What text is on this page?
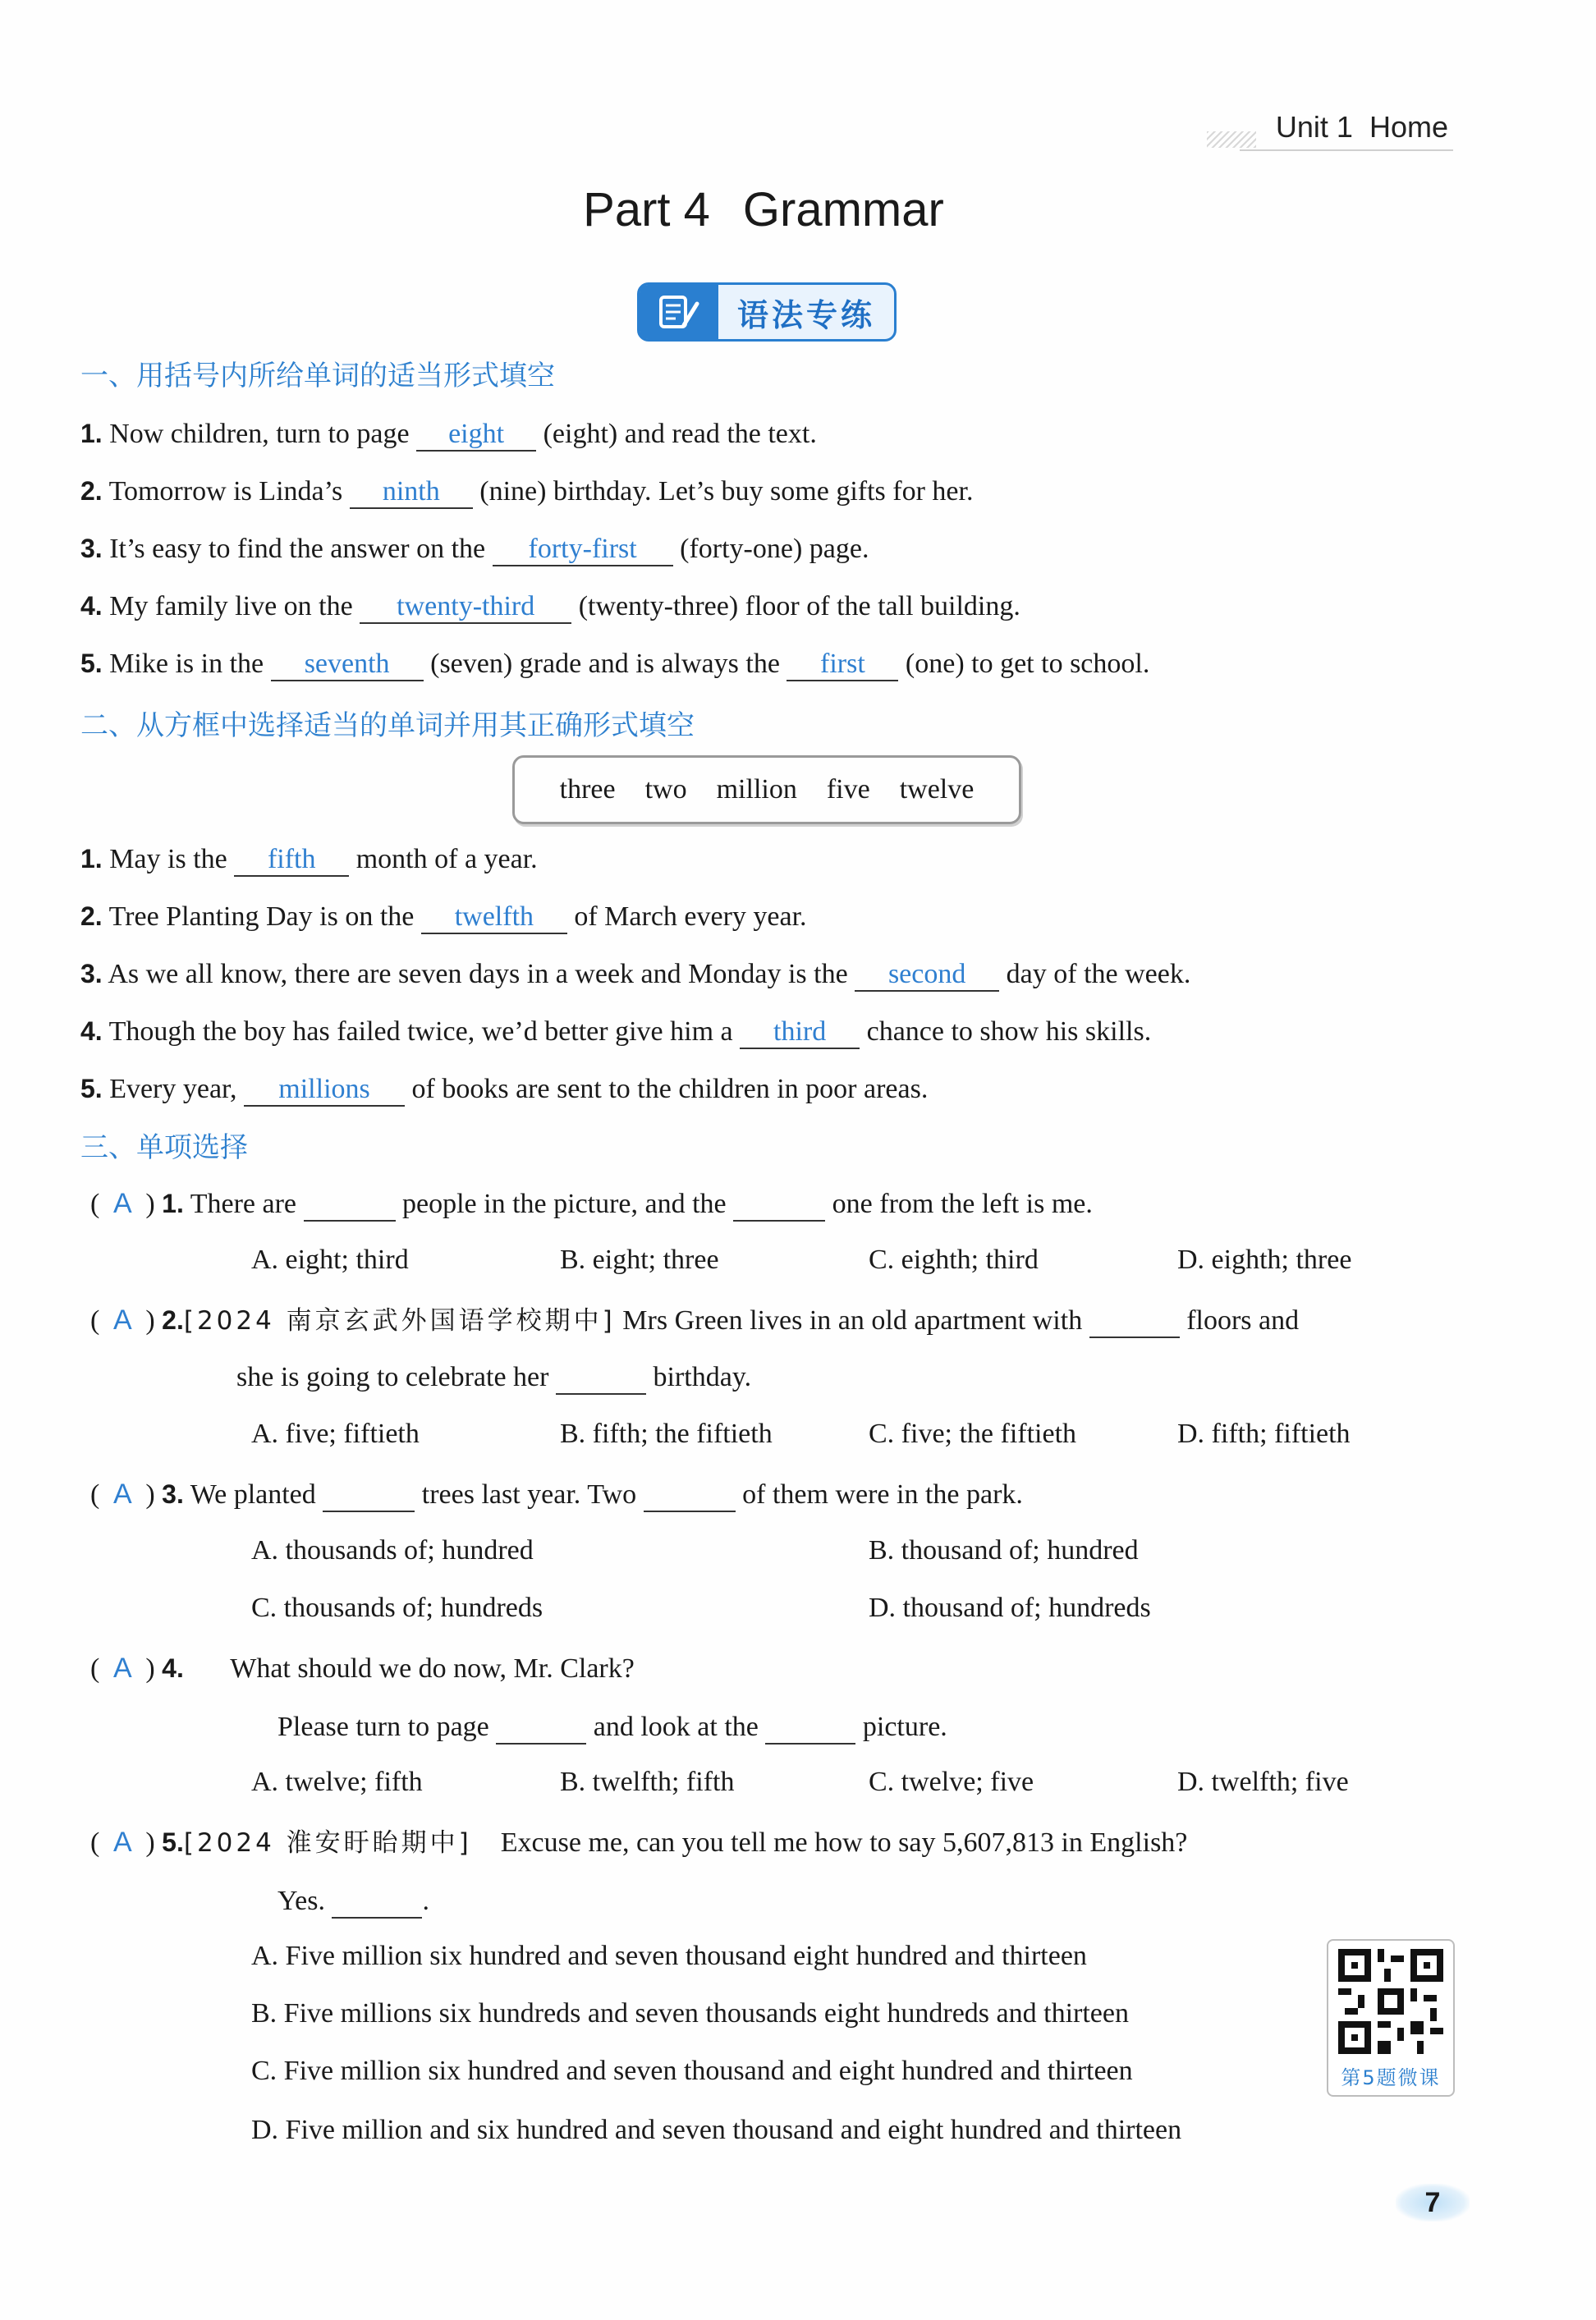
Unit 1 Home
Part 4 Grammar
语法专练
一、用括号内所给单词的适当形式填空
1. Now children, turn to page eight (eight) and read the text.
2. Tomorrow is Linda’s ninth (nine) birthday. Let’s buy some gifts for her.
3. It’s easy to find the answer on the forty-first (forty-one) page.
4. My family live on the twenty-third (twenty-three) floor of the tall building.
5. Mike is in the seventh (seven) grade and is always the first (one) to get to school.
二、从方框中选择适当的单词并用其正确形式填空
three two million five twelve
1. May is the fifth month of a year.
2. Tree Planting Day is on the twelfth of March every year.
3. As we all know, there are seven days in a week and Monday is the second day of the week.
4. Though the boy has failed twice, we’d better give him a third chance to show his skills.
5. Every year, millions of books are sent to the children in poor areas.
三、单项选择
( A ) 1. There are	people in the picture, and the	one from the left is me.
A. eight; third	B. eight; three	C. eighth; third	D. eighth; three
( A ) 2.[2024 南京玄武外国语学校期中] Mrs Green lives in an old apartment with	floors and
she is going to celebrate her	birthday.
A. five; fiftieth	B. fifth; the fiftieth	C. five; the fiftieth	D. fifth; fiftieth
( A ) 3. We planted	trees last year. Two	of them were in the park.
A. thousands of; hundred	B. thousand of; hundred
C. thousands of; hundreds	D. thousand of; hundreds
( A ) 4. What should we do now, Mr. Clark?
Please turn to page	and look at the	picture.
A. twelve; fifth	B. twelfth; fifth	C. twelve; five	D. twelfth; five
( A ) 5.[2024 淮安盱眙期中] Excuse me, can you tell me how to say 5,607,813 in English?
Yes.	.
A. Five million six hundred and seven thousand eight hundred and thirteen
B. Five millions six hundreds and seven thousands eight hundreds and thirteen
C. Five million six hundred and seven thousand and eight hundred and thirteen
D. Five million and six hundred and seven thousand and eight hundred and thirteen
第5题微课
7
